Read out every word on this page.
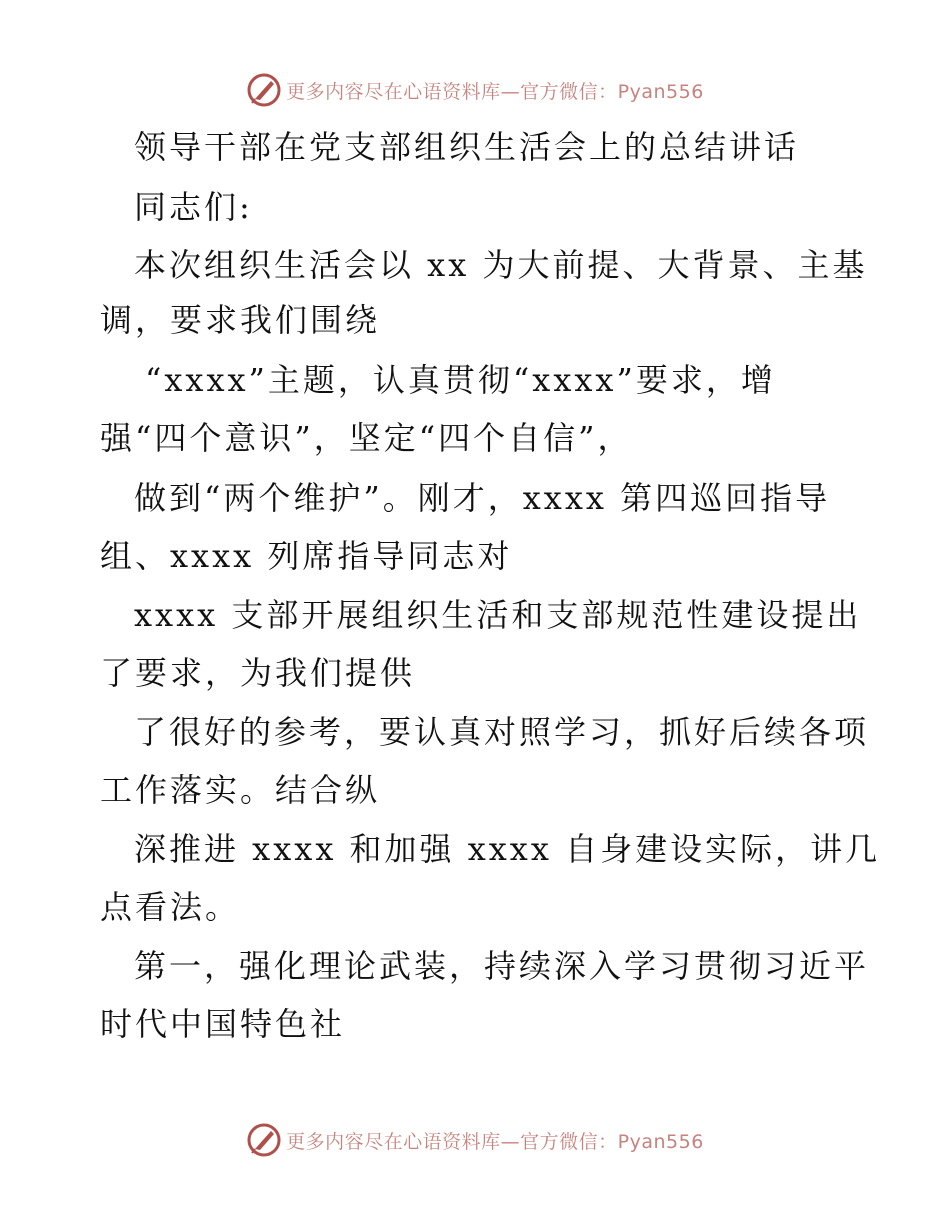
更多内容尽在心语资料库—官方微信：Pyan556
领导干部在党支部组织生活会上的总结讲话
同志们:
本次组织生活会以 xx 为大前提、大背景、主基
调，要求我们围绕
“xxxx”主题，认真贯彻“xxxx”要求，增
强“四个意识”，坚定“四个自信”，
做到“两个维护”。刚才，xxxx 第四巡回指导
组、xxxx 列席指导同志对
xxxx 支部开展组织生活和支部规范性建设提出
了要求，为我们提供
了很好的参考，要认真对照学习，抓好后续各项
工作落实。结合纵
深推进 xxxx 和加强 xxxx 自身建设实际，讲几
点看法。
第一，强化理论武装，持续深入学习贯彻习近平
时代中国特色社
更多内容尽在心语资料库—官方微信：Pyan556
